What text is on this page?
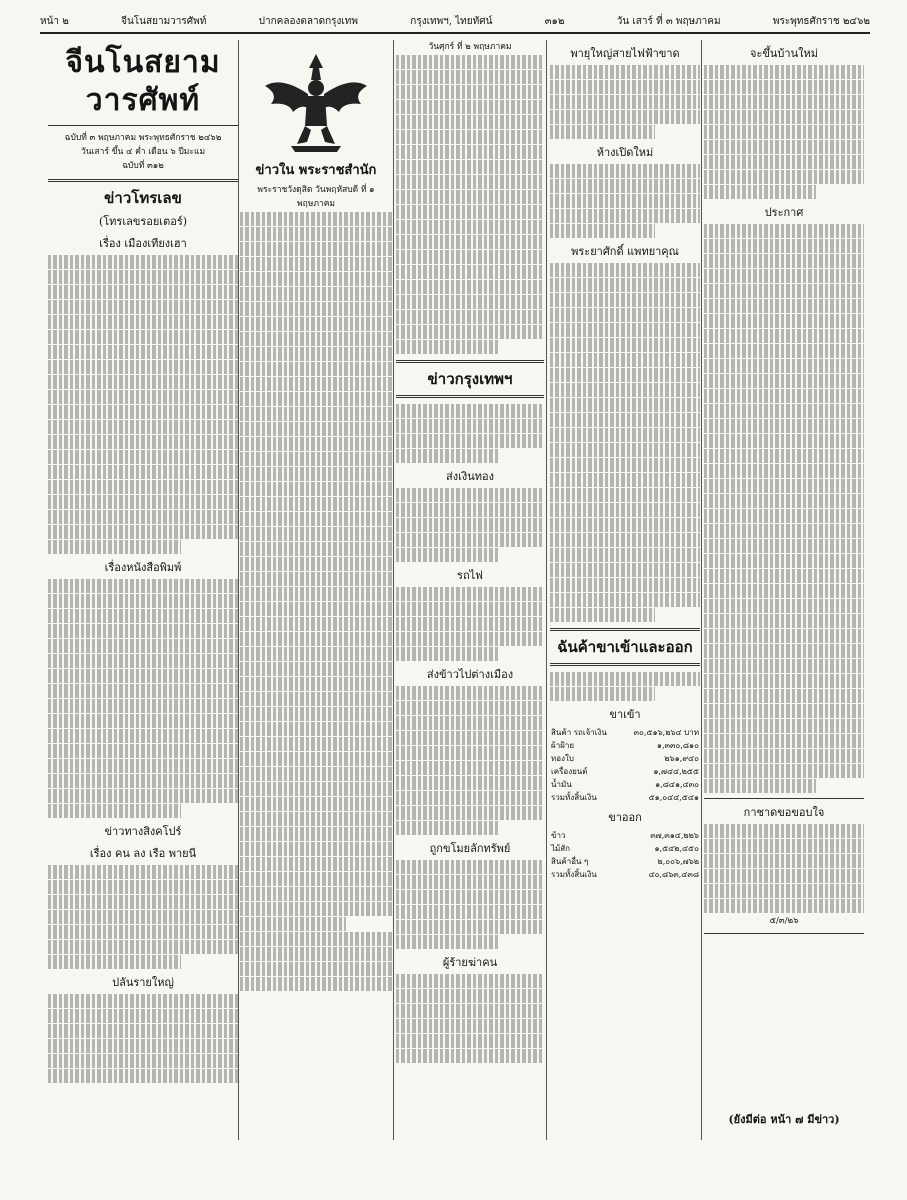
หน้า ๒	จีนโนสยามวารศัพท์	ปากคลองตลาดกรุงเทพ	กรุงเทพฯ, ไทยทัศน์	๓๑๒	วัน เสาร์ ที่ ๓ พฤษภาคม	พระพุทธศักราช ๒๔๖๒
จีนโนสยามวารศัพท์
ฉบับที่ ๓ พฤษภาคม พระพุทธศักราช ๒๔๖๒
วันเสาร์ ขึ้น ๔ ค่ำ เดือน ๖ ปีมะแม
ฉบับที่ ๓๑๒
ข่าวโทรเลข
(โทรเลขรอยเตอร์)
เรื่อง เมืองเทียงเฮา
เรื่องหนังสือพิมพ์
ข่าวทางสิงคโปร์
เรื่อง คน ลง เรือ พายนี
ปลันรายใหญ่
ข่าวใน พระราชสำนัก
พระราชวังดุสิต วันพฤหัสบดี ที่ ๑ พฤษภาคม
วันศุกร์ ที่ ๒ พฤษภาคม
ข่าวกรุงเทพฯ
ส่งเงินทอง
รถไฟ
ส่งข้าวไปต่างเมือง
ถูกขโมยลักทรัพย์
ผู้ร้ายฆ่าคน
พายุใหญ่สายไฟฟ้าขาด
ห้างเปิดใหม่
พระยาศักดิ์ แพทยาคุณ
ฉันค้าขาเข้าและออก
ขาเข้า
สินค้า รถเจ้าเงิน	๓๐,๕๑๖,๒๖๔ บาท
ผ้าฝ้าย	๑,๓๓๐,๘๑๐
ทองใบ	๒๖๑,๙๔๐
เครื่องยนต์	๑,๗๔๔,๒๕๕
น้ำมัน	๑,๘๔๑,๔๓๐
รวมทั้งสิ้นเงิน	๕๑,๐๔๔,๕๔๑
ขาออก
ข้าว	๓๗,๓๑๔,๒๒๖
ไม้สัก	๑,๕๔๒,๔๕๐
สินค้าอื่น ๆ	๒,๐๐๖,๗๖๒
รวมทั้งสิ้นเงิน	๔๐,๘๖๓,๔๓๘
จะขึ้นบ้านใหม่
ประกาศ
กาชาดขอขอบใจ
๕/๓/๒๖
(ยังมีต่อ หน้า ๗ มีข่าว)
